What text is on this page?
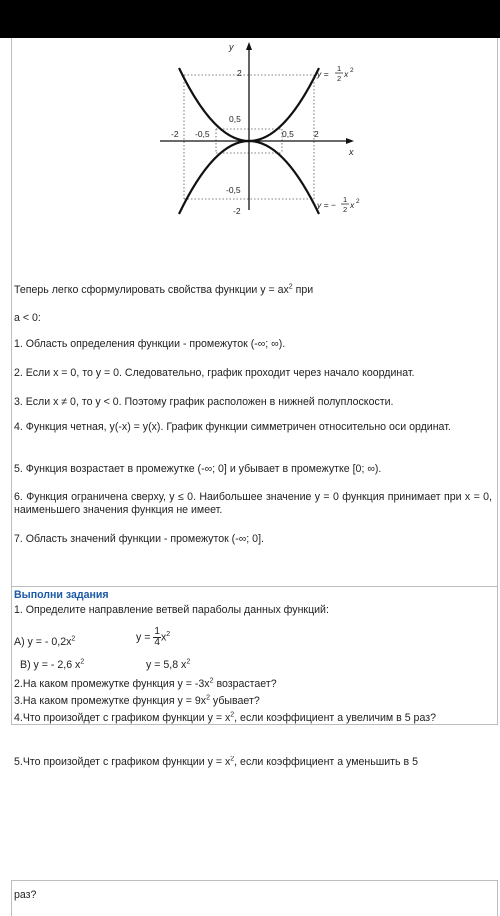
y
x
2
0,5
-2 -0,5	0,5 2
-0,5
-2
y =
1
2 x 2
y = −
1
2 x 2
Теперь легко сформулировать свойства функции $y = ax^2$ при
a < 0:
1. Область определения функции - промежуток (-∞; ∞).
2. Если x = 0, то y = 0. Следовательно, график проходит через начало координат.
3. Если x ≠ 0, то y < 0. Поэтому график расположен в нижней полуплоскости.
4. Функция четная, y(-x) = y(x). График функции симметричен относительно оси ординат.
5. Функция возрастает в промежутке (-∞; 0] и убывает в промежутке [0; ∞).
6. Функция ограничена сверху, y ≤ 0. Наибольшее значение y = 0 функция принимает при x = 0, наименьшего значения функция не имеет.
7. Область значений функции - промежуток (-∞; 0].
Выполни задания
1. Определите направление ветвей параболы данных функций:
А) y = - $0,2x^2$	$y = \frac{1}{4} x^2$
В) y = - 2,6 $x^2$	y = 5,8 $x^2$
2.На каком промежутке функция $y = -3x^2$ возрастает?
3.На каком промежутке функция $y = 9x^2$ убывает?
4.Что произойдет с графиком функции $y = x^2$, если коэффициент а увеличим в 5 раз?
5.Что произойдет с графиком функции $y = x^2$, если коэффициент а уменьшить в 5
раз?
